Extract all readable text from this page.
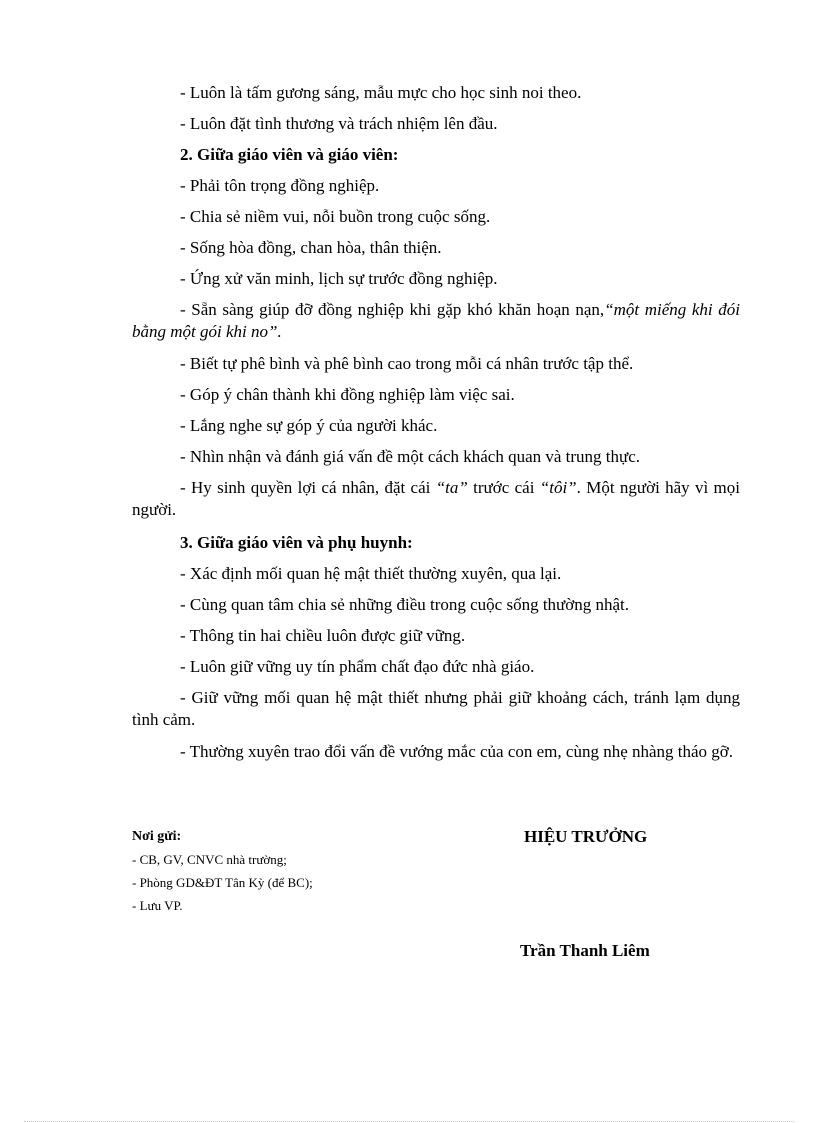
- Luôn là tấm gương sáng, mẫu mực cho học sinh noi theo.
- Luôn đặt tình thương và trách nhiệm lên đầu.
2. Giữa giáo viên và giáo viên:
- Phải tôn trọng đồng nghiệp.
- Chia sẻ niềm vui, nỗi buồn trong cuộc sống.
- Sống hòa đồng, chan hòa, thân thiện.
- Ứng xử văn minh, lịch sự trước đồng nghiệp.
- Sẵn sàng giúp đỡ đồng nghiệp khi gặp khó khăn hoạn nạn,“một miếng khi đói bằng một gói khi no”.
- Biết tự phê bình và phê bình cao trong mỗi cá nhân trước tập thể.
- Góp ý chân thành khi đồng nghiệp làm việc sai.
- Lắng nghe sự góp ý của người khác.
- Nhìn nhận và đánh giá vấn đề một cách khách quan và trung thực.
- Hy sinh quyền lợi cá nhân, đặt cái “ta” trước cái “tôi”. Một người hãy vì mọi người.
3. Giữa giáo viên và phụ huynh:
- Xác định mối quan hệ mật thiết thường xuyên, qua lại.
- Cùng quan tâm chia sẻ những điều trong cuộc sống thường nhật.
- Thông tin hai chiều luôn được giữ vững.
- Luôn giữ vững uy tín phẩm chất đạo đức nhà giáo.
- Giữ vững mối quan hệ mật thiết nhưng phải giữ khoảng cách, tránh lạm dụng tình cảm.
- Thường xuyên trao đổi vấn đề vướng mắc của con em, cùng nhẹ nhàng tháo gỡ.
Nơi gửi:
- CB, GV, CNVC nhà trường;
- Phòng GD&ĐT Tân Kỳ (để BC);
- Lưu VP.
HIỆU TRƯỞNG
Trần Thanh Liêm
